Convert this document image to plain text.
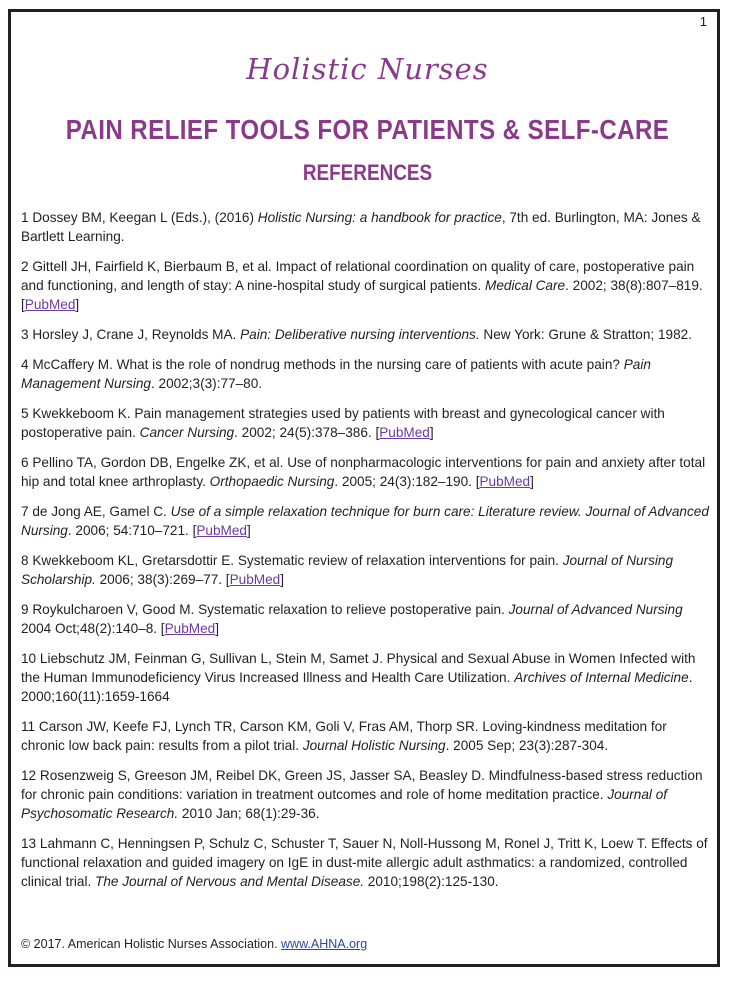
1
Holistic Nurses
PAIN RELIEF TOOLS FOR PATIENTS & SELF-CARE
REFERENCES

1 Dossey BM, Keegan L (Eds.), (2016) Holistic Nursing: a handbook for practice, 7th ed. Burlington, MA: Jones & Bartlett Learning.

2 Gittell JH, Fairfield K, Bierbaum B, et al. Impact of relational coordination on quality of care, postoperative pain and functioning, and length of stay: A nine-hospital study of surgical patients. Medical Care. 2002; 38(8):807–819. [PubMed]

3 Horsley J, Crane J, Reynolds MA. Pain: Deliberative nursing interventions. New York: Grune & Stratton; 1982.

4 McCaffery M. What is the role of nondrug methods in the nursing care of patients with acute pain? Pain Management Nursing. 2002;3(3):77–80.

5 Kwekkeboom K. Pain management strategies used by patients with breast and gynecological cancer with postoperative pain. Cancer Nursing. 2002; 24(5):378–386. [PubMed]

6 Pellino TA, Gordon DB, Engelke ZK, et al. Use of nonpharmacologic interventions for pain and anxiety after total hip and total knee arthroplasty. Orthopaedic Nursing. 2005; 24(3):182–190. [PubMed]

7 de Jong AE, Gamel C. Use of a simple relaxation technique for burn care: Literature review. Journal of Advanced Nursing. 2006; 54:710–721. [PubMed]

8 Kwekkeboom KL, Gretarsdottir E. Systematic review of relaxation interventions for pain. Journal of Nursing Scholarship. 2006; 38(3):269–77. [PubMed]

9 Roykulcharoen V, Good M. Systematic relaxation to relieve postoperative pain. Journal of Advanced Nursing 2004 Oct;48(2):140–8. [PubMed]

10 Liebschutz JM, Feinman G, Sullivan L, Stein M, Samet J. Physical and Sexual Abuse in Women Infected with the Human Immunodeficiency Virus Increased Illness and Health Care Utilization. Archives of Internal Medicine. 2000;160(11):1659-1664

11 Carson JW, Keefe FJ, Lynch TR, Carson KM, Goli V, Fras AM, Thorp SR. Loving-kindness meditation for chronic low back pain: results from a pilot trial. Journal Holistic Nursing. 2005 Sep; 23(3):287-304.

12 Rosenzweig S, Greeson JM, Reibel DK, Green JS, Jasser SA, Beasley D. Mindfulness-based stress reduction for chronic pain conditions: variation in treatment outcomes and role of home meditation practice. Journal of Psychosomatic Research. 2010 Jan; 68(1):29-36.

13 Lahmann C, Henningsen P, Schulz C, Schuster T, Sauer N, Noll-Hussong M, Ronel J, Tritt K, Loew T. Effects of functional relaxation and guided imagery on IgE in dust-mite allergic adult asthmatics: a randomized, controlled clinical trial. The Journal of Nervous and Mental Disease. 2010;198(2):125-130.

© 2017. American Holistic Nurses Association. www.AHNA.org
